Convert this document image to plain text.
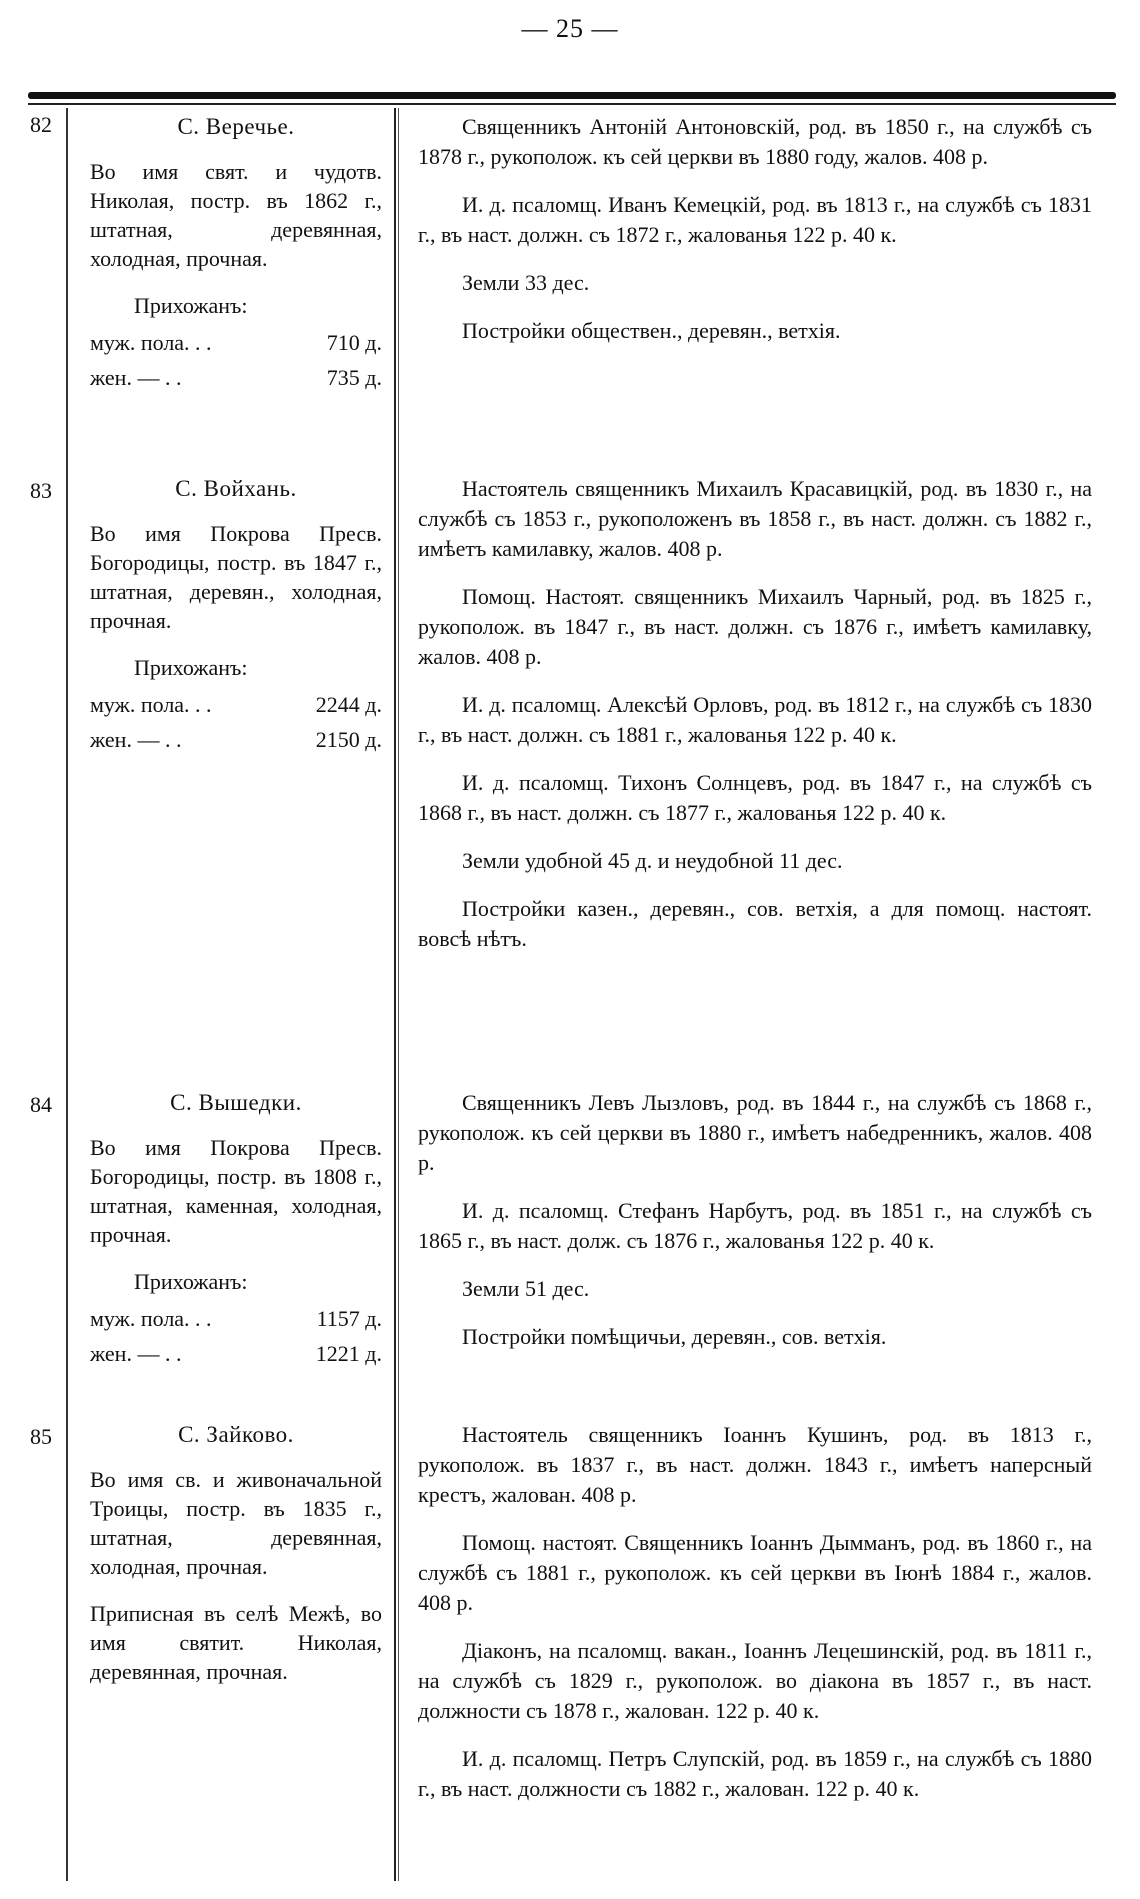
— 25 —
82	С. Веречье.
Во имя свят. и чудотв. Николая, постр. въ 1862 г., штатная, деревянная, холодная, прочная.
Прихожанъ:
муж. пола. . .	710 д.
жен. — . .	735 д.

Священникъ Антоній Антоновскій, род. въ 1850 г., на службѣ съ 1878 г., рукополож. къ сей церкви въ 1880 году, жалов. 408 р.

И. д. псаломщ. Иванъ Кемецкій, род. въ 1813 г., на службѣ съ 1831 г., въ наст. должн. съ 1872 г., жалованья 122 р. 40 к.

Земли 33 дес.

Постройки обществен., деревян., ветхія.

83	С. Войхань.
Во имя Покрова Пресв. Богородицы, постр. въ 1847 г., штатная, деревян., холодная, прочная.
Прихожанъ:
муж. пола. . .	2244 д.
жен. — . .	2150 д.

Настоятель священникъ Михаилъ Красавицкій, род. въ 1830 г., на службѣ съ 1853 г., рукоположенъ въ 1858 г., въ наст. должн. съ 1882 г., имѣетъ камилавку, жалов. 408 р.

Помощ. Настоят. священникъ Михаилъ Чарный, род. въ 1825 г., рукополож. въ 1847 г., въ наст. должн. съ 1876 г., имѣетъ камилавку, жалов. 408 р.

И. д. псаломщ. Алексѣй Орловъ, род. въ 1812 г., на службѣ съ 1830 г., въ наст. должн. съ 1881 г., жалованья 122 р. 40 к.

И. д. псаломщ. Тихонъ Солнцевъ, род. въ 1847 г., на службѣ съ 1868 г., въ наст. должн. съ 1877 г., жалованья 122 р. 40 к.

Земли удобной 45 д. и неудобной 11 дес.

Постройки казен., деревян., сов. ветхія, а для помощ. настоят. вовсѣ нѣтъ.

84	С. Вышедки.
Во имя Покрова Пресв. Богородицы, постр. въ 1808 г., штатная, каменная, холодная, прочная.
Прихожанъ:
муж. пола. . .	1157 д.
жен. — . .	1221 д.

Священникъ Левъ Лызловъ, род. въ 1844 г., на службѣ съ 1868 г., рукополож. къ сей церкви въ 1880 г., имѣетъ набедренникъ, жалов. 408 р.

И. д. псаломщ. Стефанъ Нарбутъ, род. въ 1851 г., на службѣ съ 1865 г., въ наст. долж. съ 1876 г., жалованья 122 р. 40 к.

Земли 51 дес.

Постройки помѣщичьи, деревян., сов. ветхія.

85	С. Зайково.
Во имя св. и живоначальной Троицы, постр. въ 1835 г., штатная, деревянная, холодная, прочная.
Приписная въ селѣ Межѣ, во имя святит. Николая, деревянная, прочная.

Настоятель священникъ Іоаннъ Кушинъ, род. въ 1813 г., рукополож. въ 1837 г., въ наст. должн. 1843 г., имѣетъ наперсный крестъ, жалован. 408 р.

Помощ. настоят. Священникъ Іоаннъ Дымманъ, род. въ 1860 г., на службѣ съ 1881 г., рукополож. къ сей церкви въ Іюнѣ 1884 г., жалов. 408 р.

Діаконъ, на псаломщ. вакан., Іоаннъ Лецешинскій, род. въ 1811 г., на службѣ съ 1829 г., рукополож. во діакона въ 1857 г., въ наст. должности съ 1878 г., жалован. 122 р. 40 к.

И. д. псаломщ. Петръ Слупскій, род. въ 1859 г., на службѣ съ 1880 г., въ наст. должности съ 1882 г., жалован. 122 р. 40 к.
